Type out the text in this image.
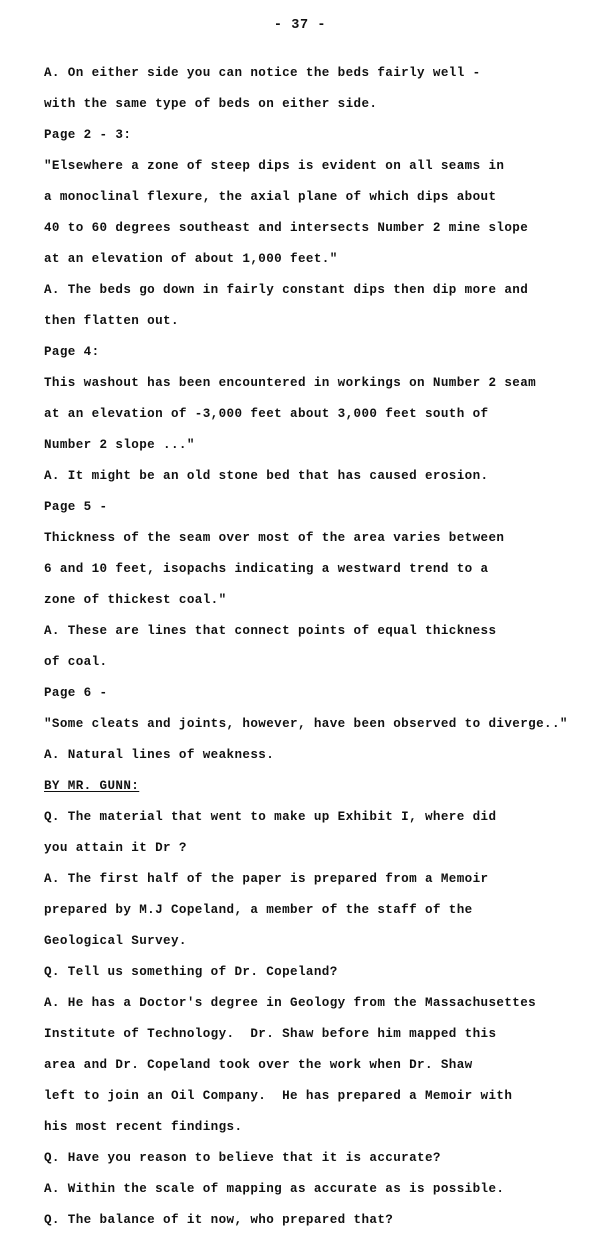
- 37 -
A. On either side you can notice the beds fairly well -
with the same type of beds on either side.
Page 2 - 3:
"Elsewhere a zone of steep dips is evident on all seams in
a monoclinal flexure, the axial plane of which dips about
40 to 60 degrees southeast and intersects Number 2 mine slope
at an elevation of about 1,000 feet."
A. The beds go down in fairly constant dips then dip more and
then flatten out.
Page 4:
This washout has been encountered in workings on Number 2 seam
at an elevation of -3,000 feet about 3,000 feet south of
Number 2 slope ..."
A. It might be an old stone bed that has caused erosion.
Page 5 -
Thickness of the seam over most of the area varies between
6 and 10 feet, isopachs indicating a westward trend to a
zone of thickest coal."
A. These are lines that connect points of equal thickness
of coal.
Page 6 -
"Some cleats and joints, however, have been observed to diverge.."
A. Natural lines of weakness.
BY MR. GUNN:
Q. The material that went to make up Exhibit I, where did
you attain it Dr ?
A. The first half of the paper is prepared from a Memoir
prepared by M.J Copeland, a member of the staff of the
Geological Survey.
Q. Tell us something of Dr. Copeland?
A. He has a Doctor's degree in Geology from the Massachusettes
Institute of Technology.  Dr. Shaw before him mapped this
area and Dr. Copeland took over the work when Dr. Shaw
left to join an Oil Company.  He has prepared a Memoir with
his most recent findings.
Q. Have you reason to believe that it is accurate?
A. Within the scale of mapping as accurate as is possible.
Q. The balance of it now, who prepared that?
